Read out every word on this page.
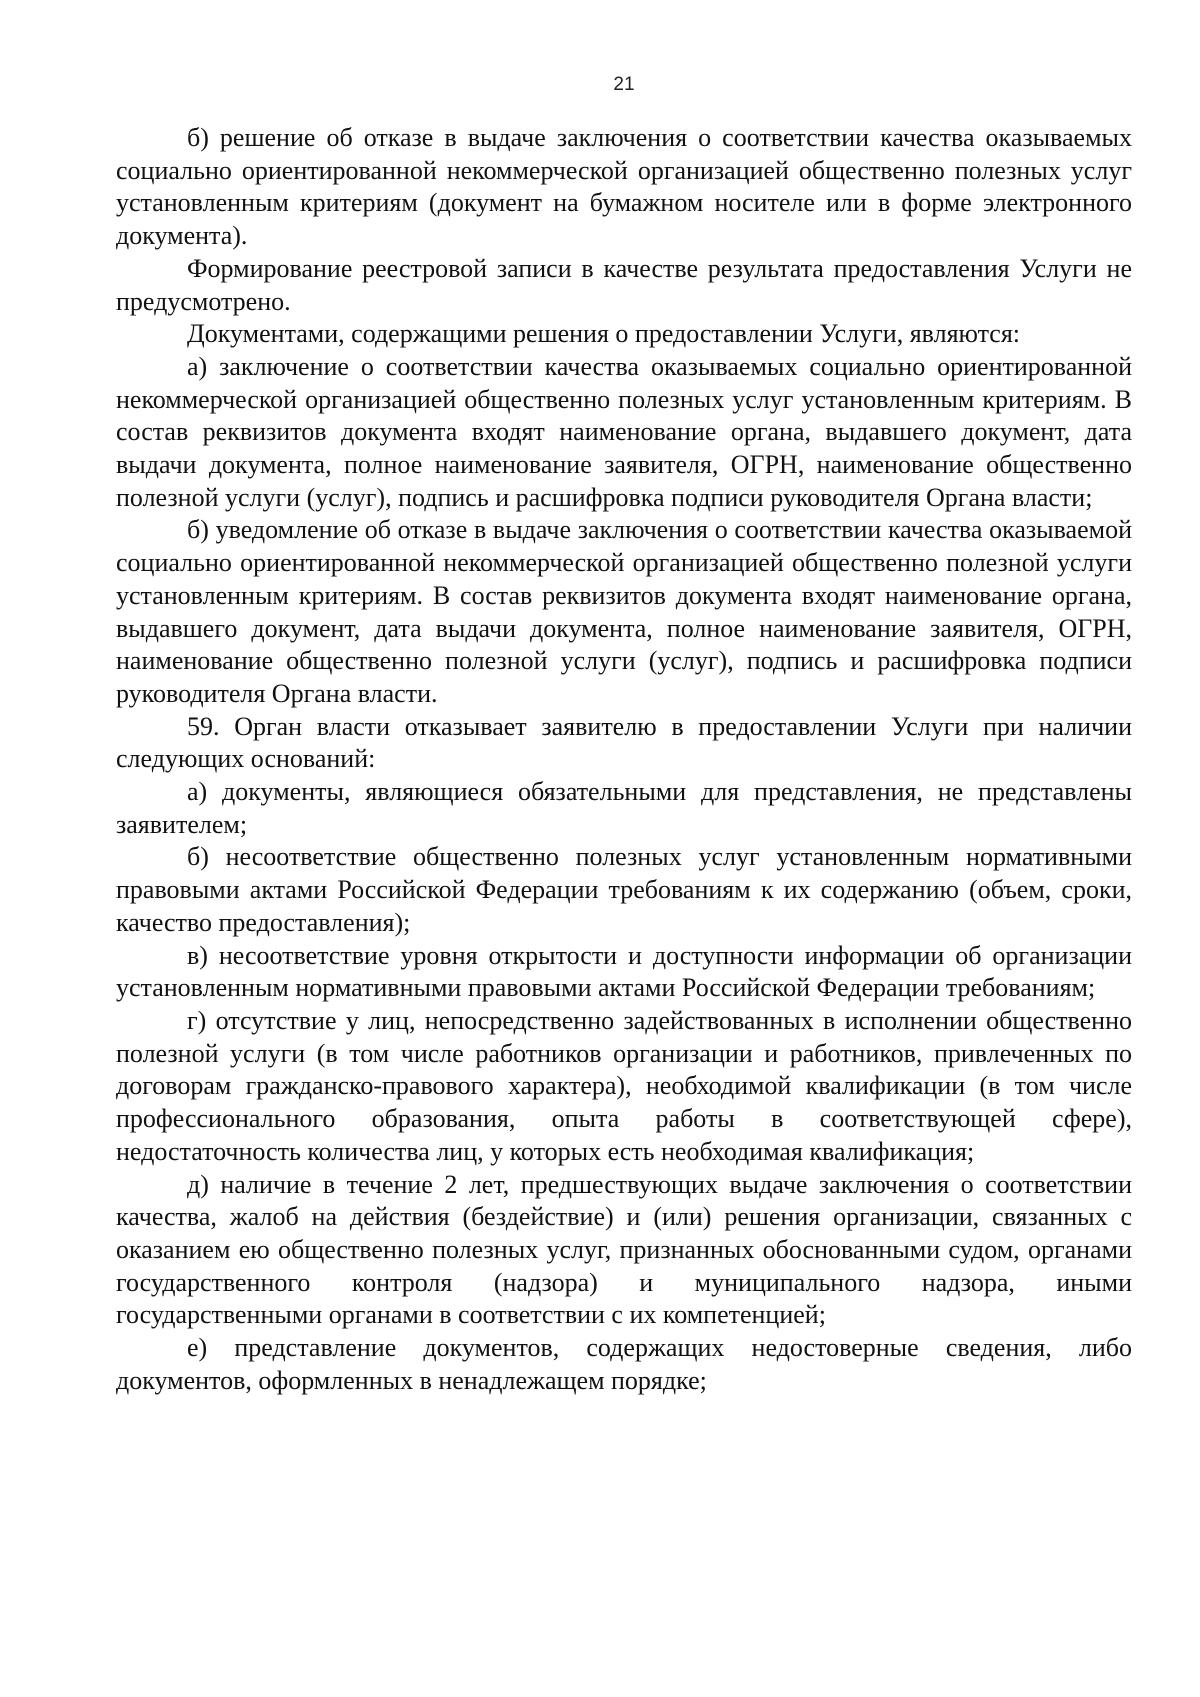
21

б) решение об отказе в выдаче заключения о соответствии качества оказываемых социально ориентированной некоммерческой организацией общественно полезных услуг установленным критериям (документ на бумажном носителе или в форме электронного документа).

Формирование реестровой записи в качестве результата предоставления Услуги не предусмотрено.

Документами, содержащими решения о предоставлении Услуги, являются:

а) заключение о соответствии качества оказываемых социально ориентированной некоммерческой организацией общественно полезных услуг установленным критериям. В состав реквизитов документа входят наименование органа, выдавшего документ, дата выдачи документа, полное наименование заявителя, ОГРН, наименование общественно полезной услуги (услуг), подпись и расшифровка подписи руководителя Органа власти;

б) уведомление об отказе в выдаче заключения о соответствии качества оказываемой социально ориентированной некоммерческой организацией общественно полезной услуги установленным критериям. В состав реквизитов документа входят наименование органа, выдавшего документ, дата выдачи документа, полное наименование заявителя, ОГРН, наименование общественно полезной услуги (услуг), подпись и расшифровка подписи руководителя Органа власти.

59. Орган власти отказывает заявителю в предоставлении Услуги при наличии следующих оснований:

а) документы, являющиеся обязательными для представления, не представлены заявителем;

б) несоответствие общественно полезных услуг установленным нормативными правовыми актами Российской Федерации требованиям к их содержанию (объем, сроки, качество предоставления);

в) несоответствие уровня открытости и доступности информации об организации установленным нормативными правовыми актами Российской Федерации требованиям;

г) отсутствие у лиц, непосредственно задействованных в исполнении общественно полезной услуги (в том числе работников организации и работников, привлеченных по договорам гражданско-правового характера), необходимой квалификации (в том числе профессионального образования, опыта работы в соответствующей сфере), недостаточность количества лиц, у которых есть необходимая квалификация;

д) наличие в течение 2 лет, предшествующих выдаче заключения о соответствии качества, жалоб на действия (бездействие) и (или) решения организации, связанных с оказанием ею общественно полезных услуг, признанных обоснованными судом, органами государственного контроля (надзора) и муниципального надзора, иными государственными органами в соответствии с их компетенцией;

е) представление документов, содержащих недостоверные сведения, либо документов, оформленных в ненадлежащем порядке;
